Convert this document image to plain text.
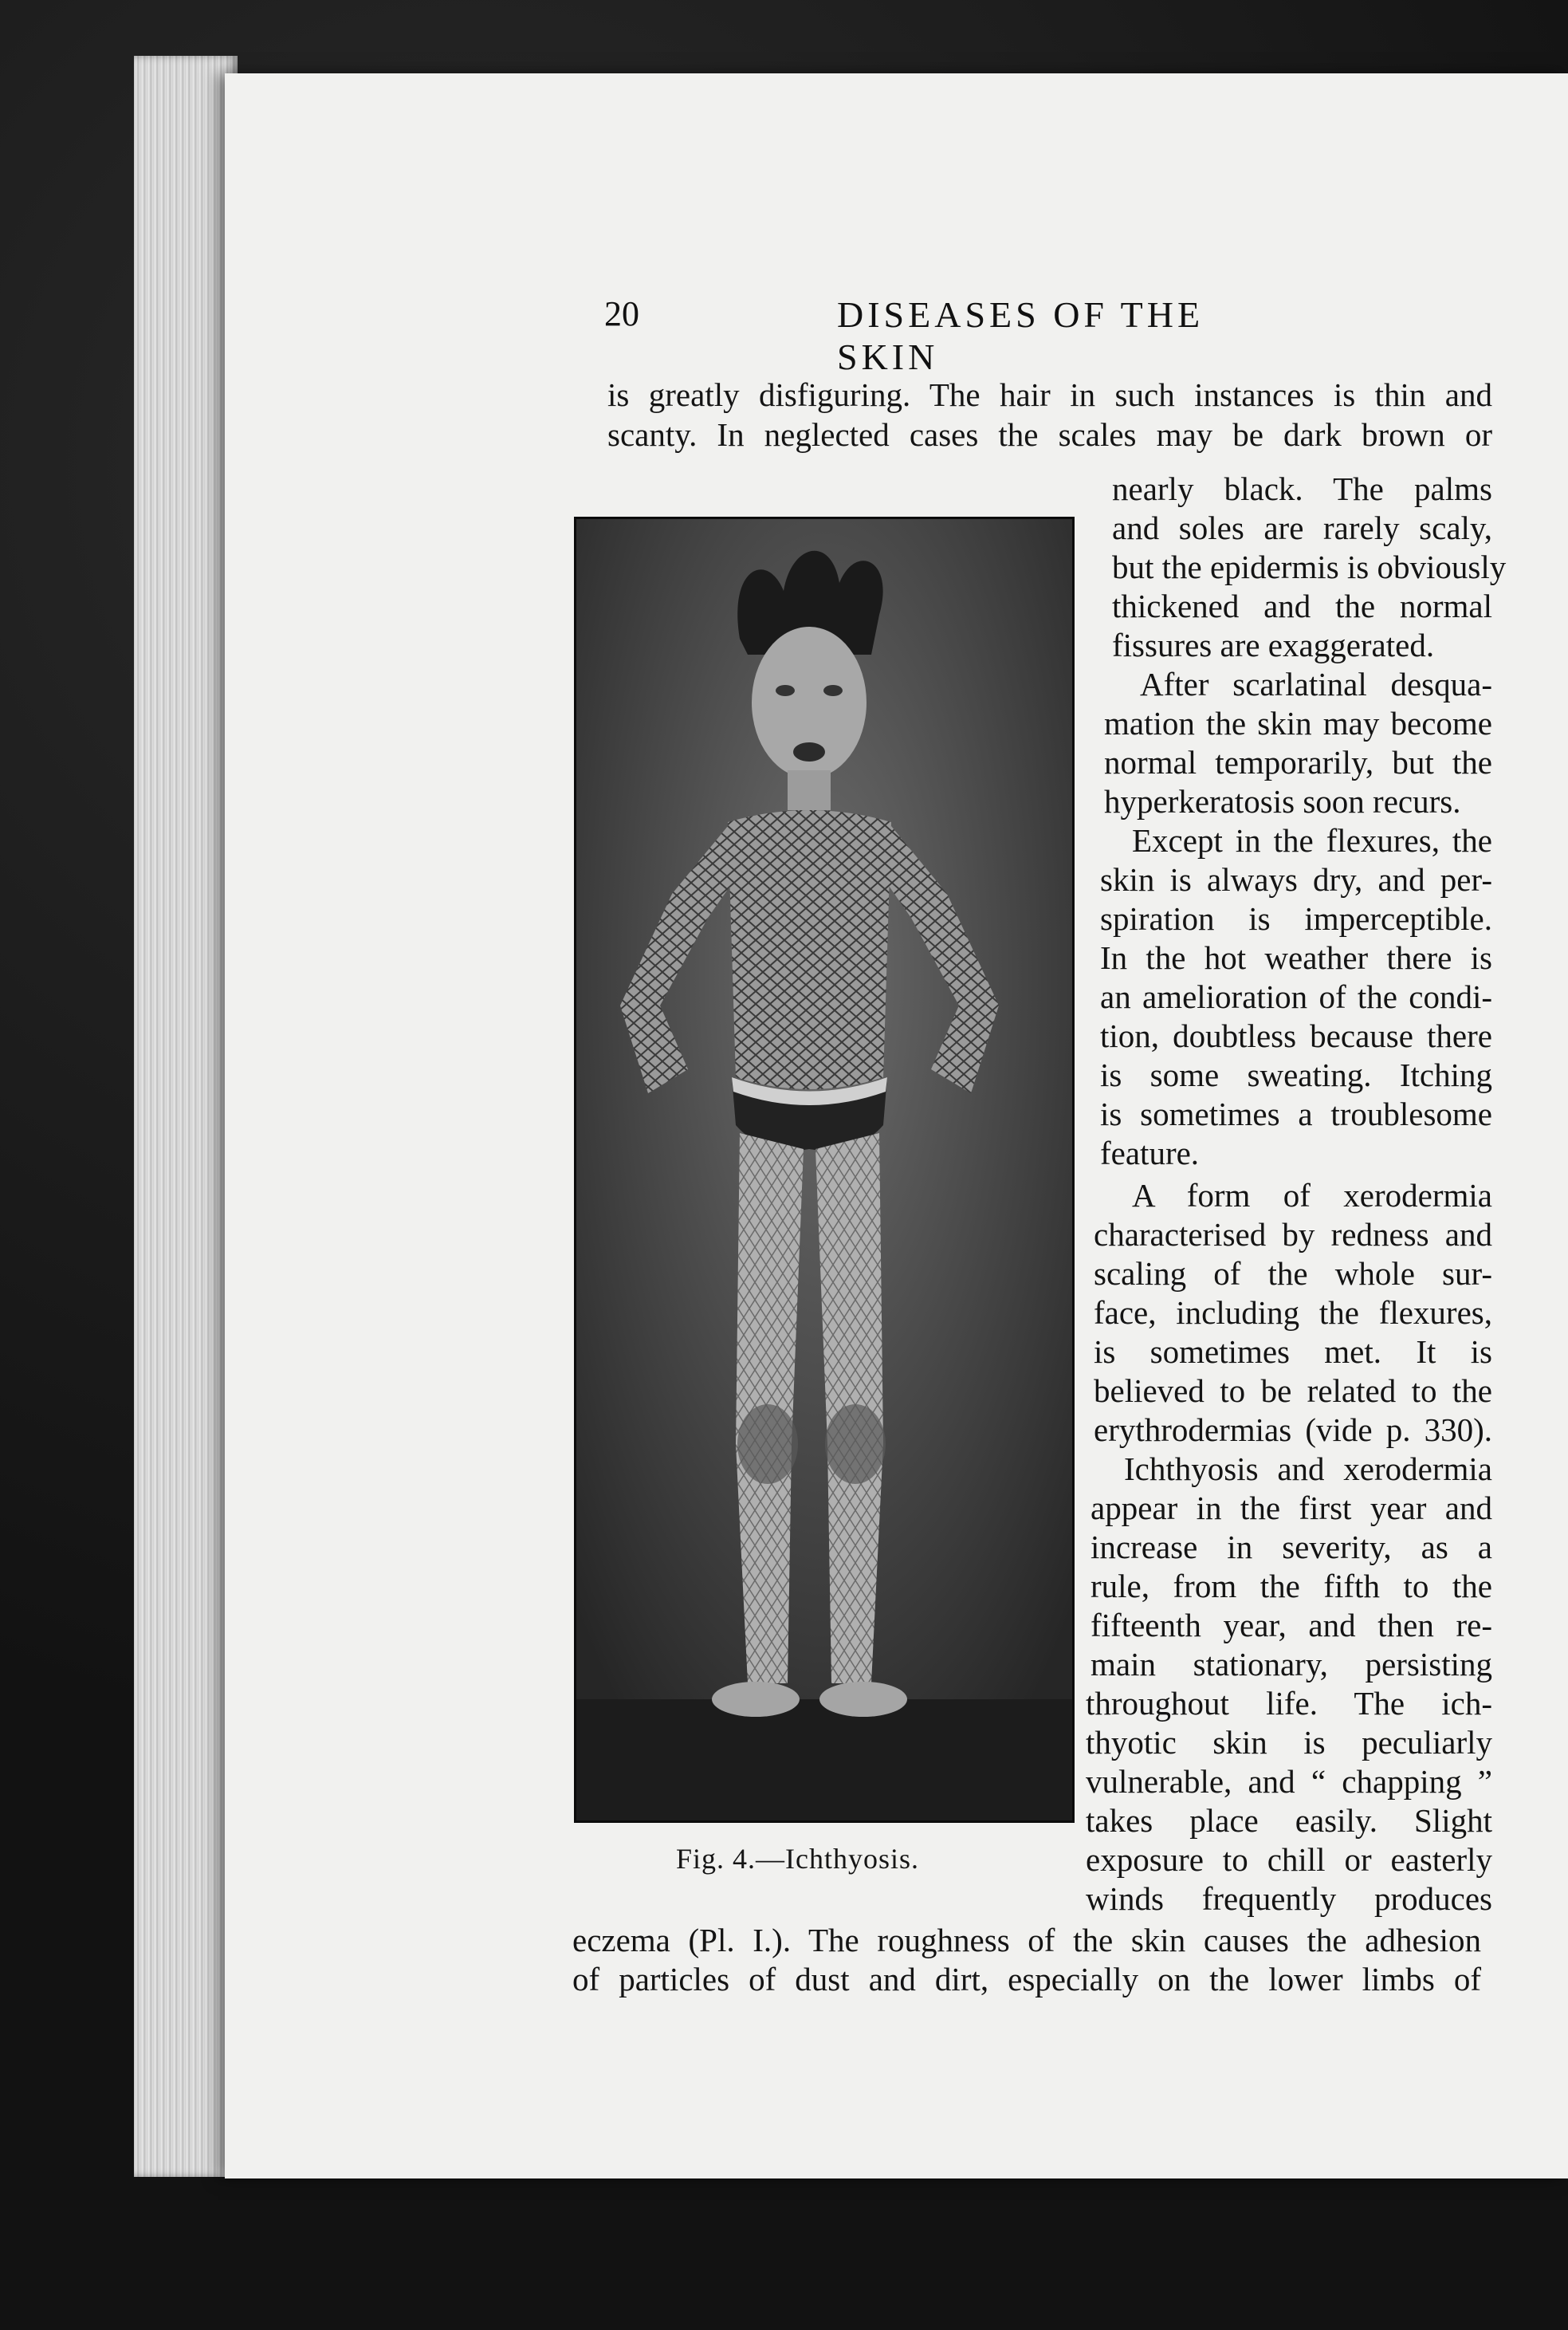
20	DISEASES OF THE SKIN
is greatly disfiguring. The hair in such instances is thin and
scanty. In neglected cases the scales may be dark brown or
nearly black. The palms
and soles are rarely scaly,
but the epidermis is obviously
thickened and the normal
fissures are exaggerated.
After scarlatinal desqua-
mation the skin may become
normal temporarily, but the
hyperkeratosis soon recurs.
Except in the flexures, the
skin is always dry, and per-
spiration is imperceptible.
In the hot weather there is
an amelioration of the condi-
tion, doubtless because there
is some sweating. Itching
is sometimes a troublesome
feature.
A form of xerodermia
characterised by redness and
scaling of the whole sur-
face, including the flexures,
is sometimes met. It is
believed to be related to the
erythrodermias (vide p. 330).
Ichthyosis and xerodermia
appear in the first year and
increase in severity, as a
rule, from the fifth to the
fifteenth year, and then re-
main stationary, persisting
throughout life. The ich-
thyotic skin is peculiarly
vulnerable, and “ chapping ”
takes place easily. Slight
exposure to chill or easterly
winds frequently produces
eczema (Pl. I.). The roughness of the skin causes the adhesion
of particles of dust and dirt, especially on the lower limbs of
Fig. 4.—Ichthyosis.
